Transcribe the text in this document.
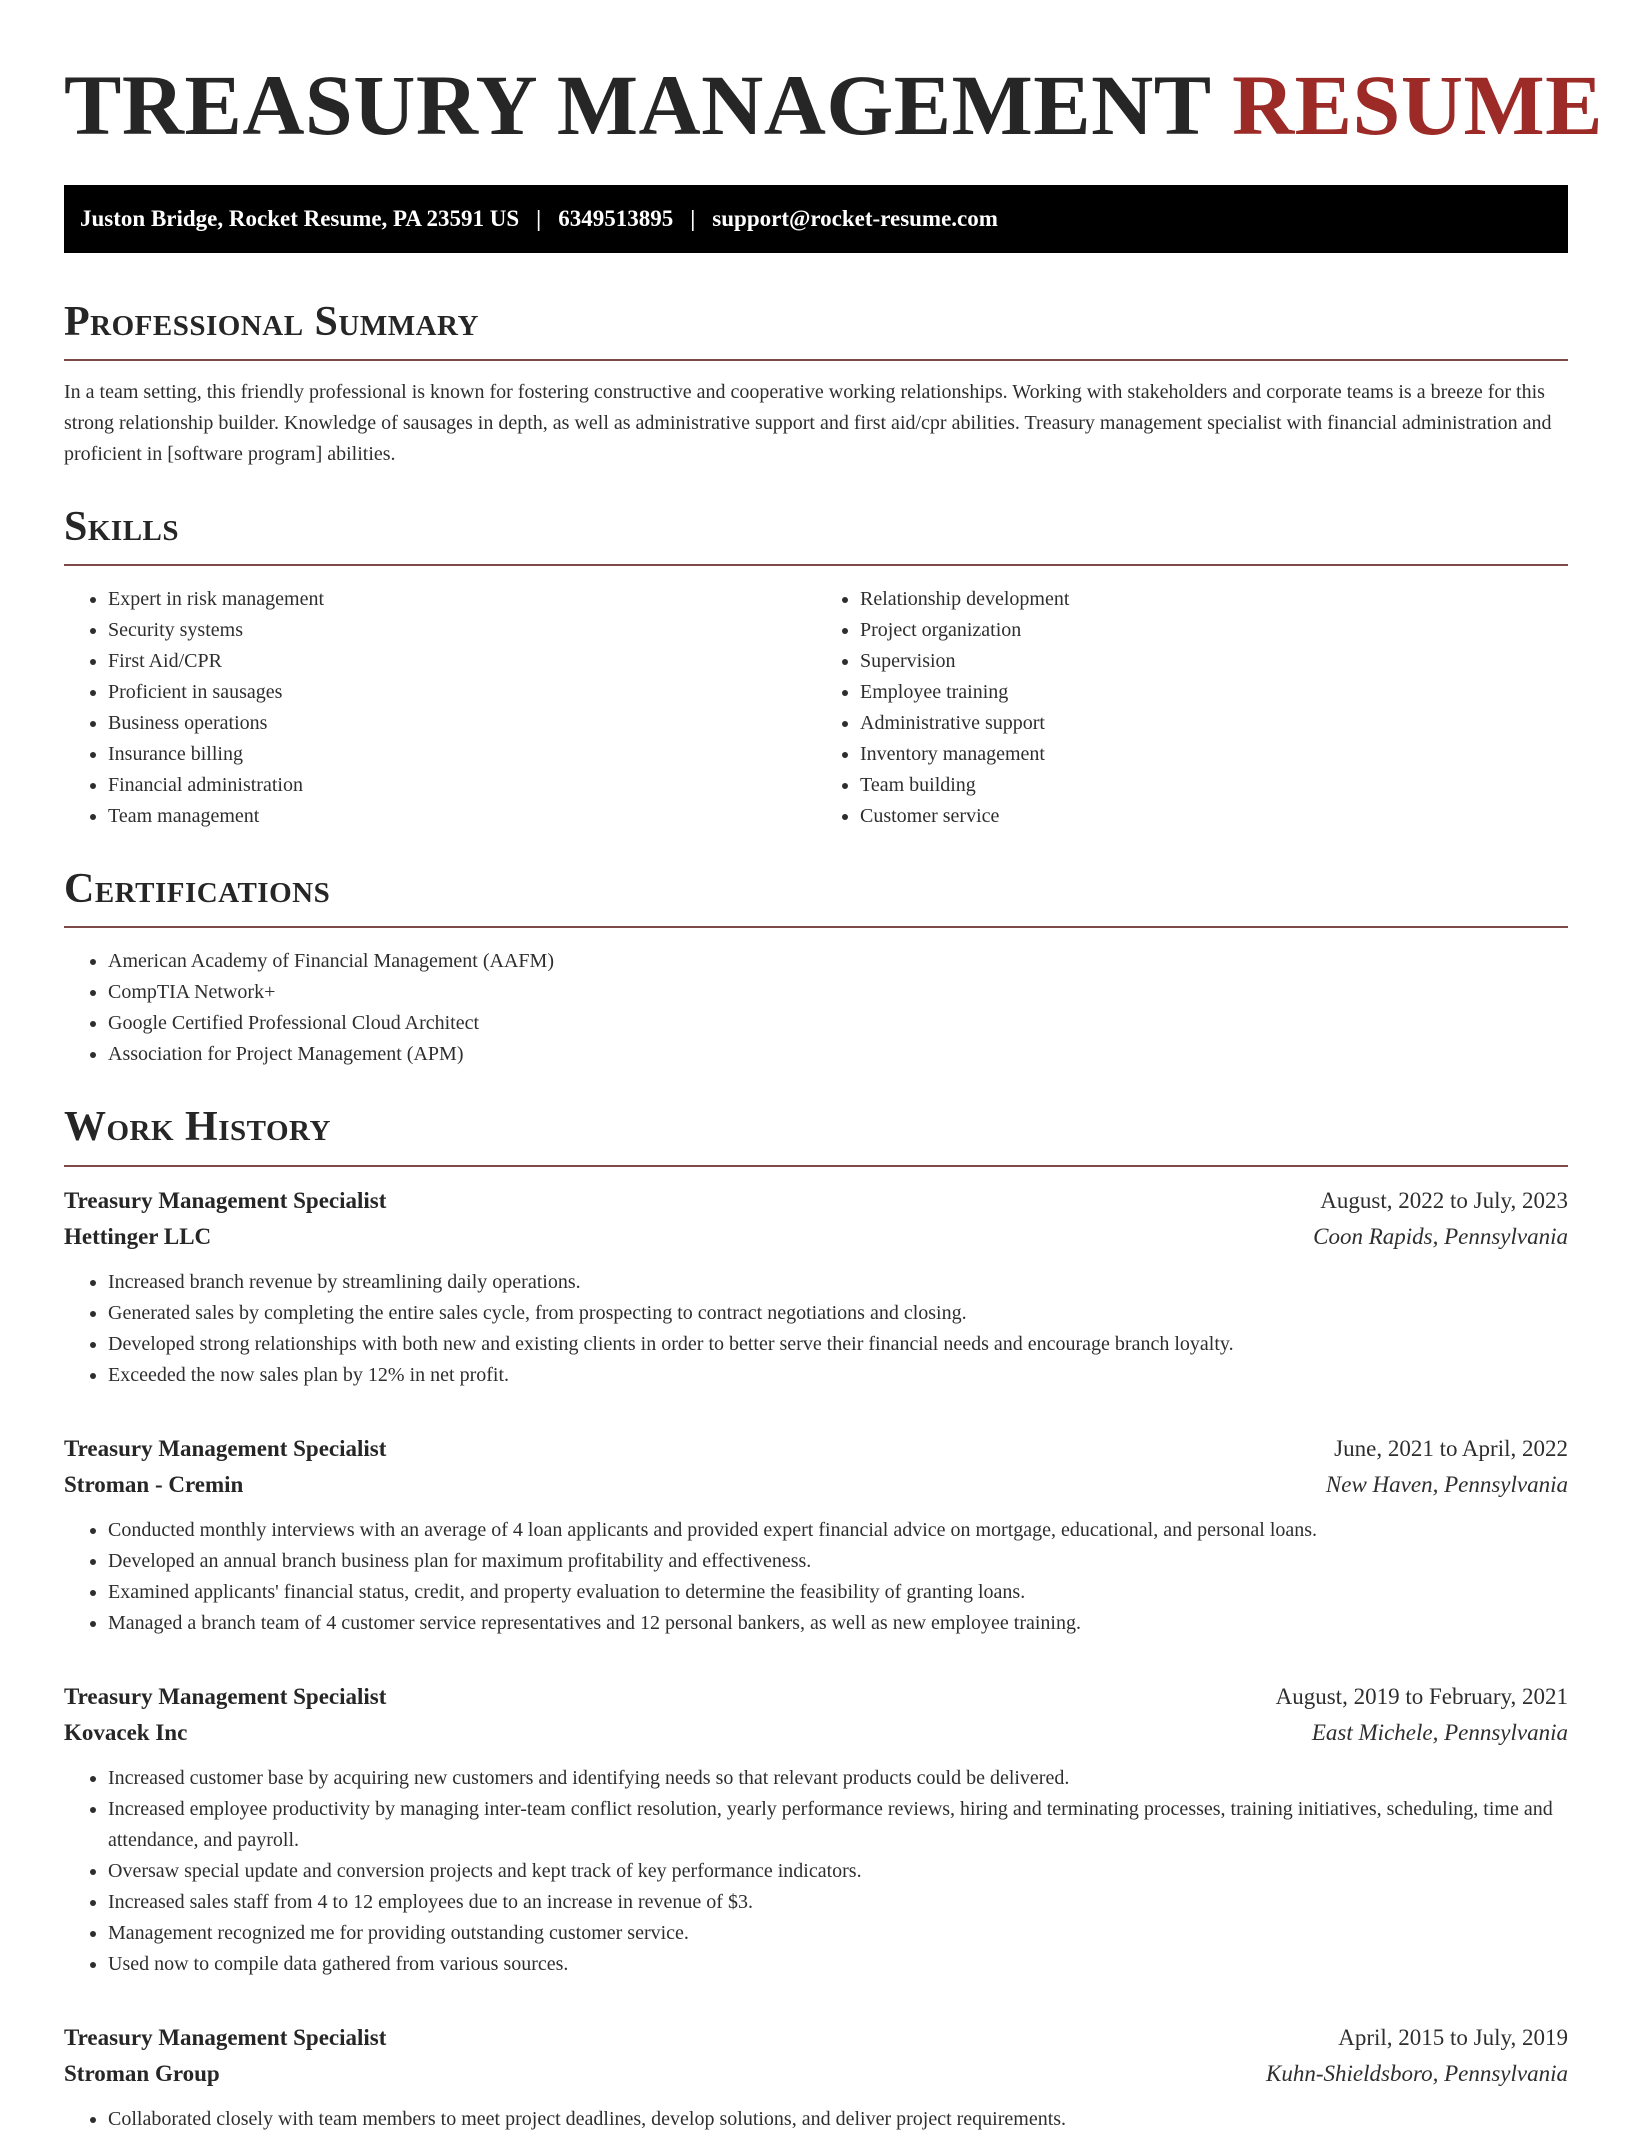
TREASURY MANAGEMENT RESUME
Juston Bridge, Rocket Resume, PA 23591 US | 6349513895 | support@rocket-resume.com
Professional Summary

In a team setting, this friendly professional is known for fostering constructive and cooperative working relationships. Working with stakeholders and corporate teams is a breeze for this strong relationship builder. Knowledge of sausages in depth, as well as administrative support and first aid/cpr abilities. Treasury management specialist with financial administration and proficient in [software program] abilities.

Skills
• Expert in risk management
• Security systems
• First Aid/CPR
• Proficient in sausages
• Business operations
• Insurance billing
• Financial administration
• Team management
• Relationship development
• Project organization
• Supervision
• Employee training
• Administrative support
• Inventory management
• Team building
• Customer service
Certifications
• American Academy of Financial Management (AAFM)
• CompTIA Network+
• Google Certified Professional Cloud Architect
• Association for Project Management (APM)
Work History
Treasury Management Specialist	August, 2022 to July, 2023
Hettinger LLC	Coon Rapids, Pennsylvania
• Increased branch revenue by streamlining daily operations.
• Generated sales by completing the entire sales cycle, from prospecting to contract negotiations and closing.
• Developed strong relationships with both new and existing clients in order to better serve their financial needs and encourage branch loyalty.
• Exceeded the now sales plan by 12% in net profit.
Treasury Management Specialist	June, 2021 to April, 2022
Stroman - Cremin	New Haven, Pennsylvania
• Conducted monthly interviews with an average of 4 loan applicants and provided expert financial advice on mortgage, educational, and personal loans.
• Developed an annual branch business plan for maximum profitability and effectiveness.
• Examined applicants' financial status, credit, and property evaluation to determine the feasibility of granting loans.
• Managed a branch team of 4 customer service representatives and 12 personal bankers, as well as new employee training.
Treasury Management Specialist	August, 2019 to February, 2021
Kovacek Inc	East Michele, Pennsylvania
• Increased customer base by acquiring new customers and identifying needs so that relevant products could be delivered.
• Increased employee productivity by managing inter-team conflict resolution, yearly performance reviews, hiring and terminating processes, training initiatives, scheduling, time and attendance, and payroll.
• Oversaw special update and conversion projects and kept track of key performance indicators.
• Increased sales staff from 4 to 12 employees due to an increase in revenue of $3.
• Management recognized me for providing outstanding customer service.
• Used now to compile data gathered from various sources.
Treasury Management Specialist	April, 2015 to July, 2019
Stroman Group	Kuhn-Shieldsboro, Pennsylvania
• Collaborated closely with team members to meet project deadlines, develop solutions, and deliver project requirements.
